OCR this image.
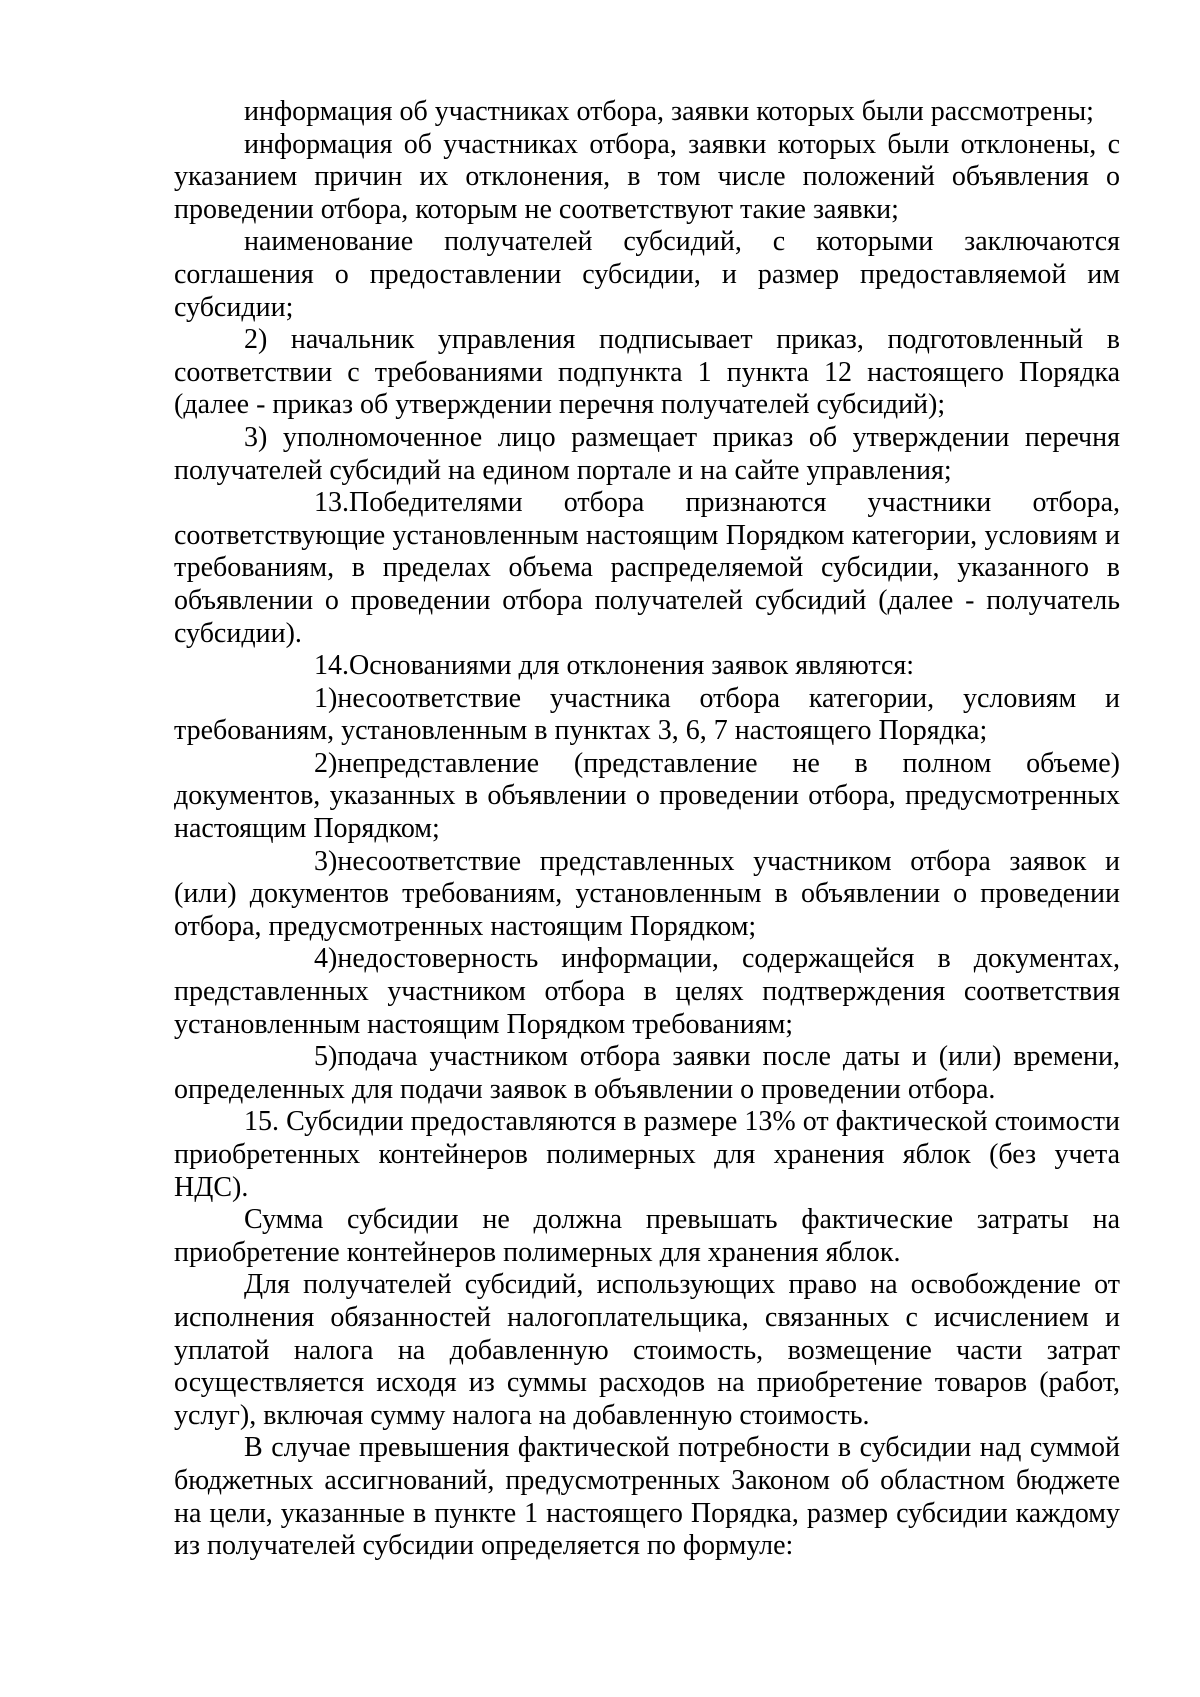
информация об участниках отбора, заявки которых были рассмотрены;

информация об участниках отбора, заявки которых были отклонены, с указанием причин их отклонения, в том числе положений объявления о проведении отбора, которым не соответствуют такие заявки;

наименование получателей субсидий, с которыми заключаются соглашения о предоставлении субсидии, и размер предоставляемой им субсидии;

2) начальник управления подписывает приказ, подготовленный в соответствии с требованиями подпункта 1 пункта 12 настоящего Порядка (далее - приказ об утверждении перечня получателей субсидий);

3) уполномоченное лицо размещает приказ об утверждении перечня получателей субсидий на едином портале и на сайте управления;

13.Победителями отбора признаются участники отбора, соответствующие установленным настоящим Порядком категории, условиям и требованиям, в пределах объема распределяемой субсидии, указанного в объявлении о проведении отбора получателей субсидий (далее - получатель субсидии).

14.Основаниями для отклонения заявок являются:

1)несоответствие участника отбора категории, условиям и требованиям, установленным в пунктах 3, 6, 7 настоящего Порядка;

2)непредставление (представление не в полном объеме) документов, указанных в объявлении о проведении отбора, предусмотренных настоящим Порядком;

3)несоответствие представленных участником отбора заявок и (или) документов требованиям, установленным в объявлении о проведении отбора, предусмотренных настоящим Порядком;

4)недостоверность информации, содержащейся в документах, представленных участником отбора в целях подтверждения соответствия установленным настоящим Порядком требованиям;

5)подача участником отбора заявки после даты и (или) времени, определенных для подачи заявок в объявлении о проведении отбора.

15. Субсидии предоставляются в размере 13% от фактической стоимости приобретенных контейнеров полимерных для хранения яблок (без учета НДС).

Сумма субсидии не должна превышать фактические затраты на приобретение контейнеров полимерных для хранения яблок.

Для получателей субсидий, использующих право на освобождение от исполнения обязанностей налогоплательщика, связанных с исчислением и уплатой налога на добавленную стоимость, возмещение части затрат осуществляется исходя из суммы расходов на приобретение товаров (работ, услуг), включая сумму налога на добавленную стоимость.

В случае превышения фактической потребности в субсидии над суммой бюджетных ассигнований, предусмотренных Законом об областном бюджете на цели, указанные в пункте 1 настоящего Порядка, размер субсидии каждому из получателей субсидии определяется по формуле:
